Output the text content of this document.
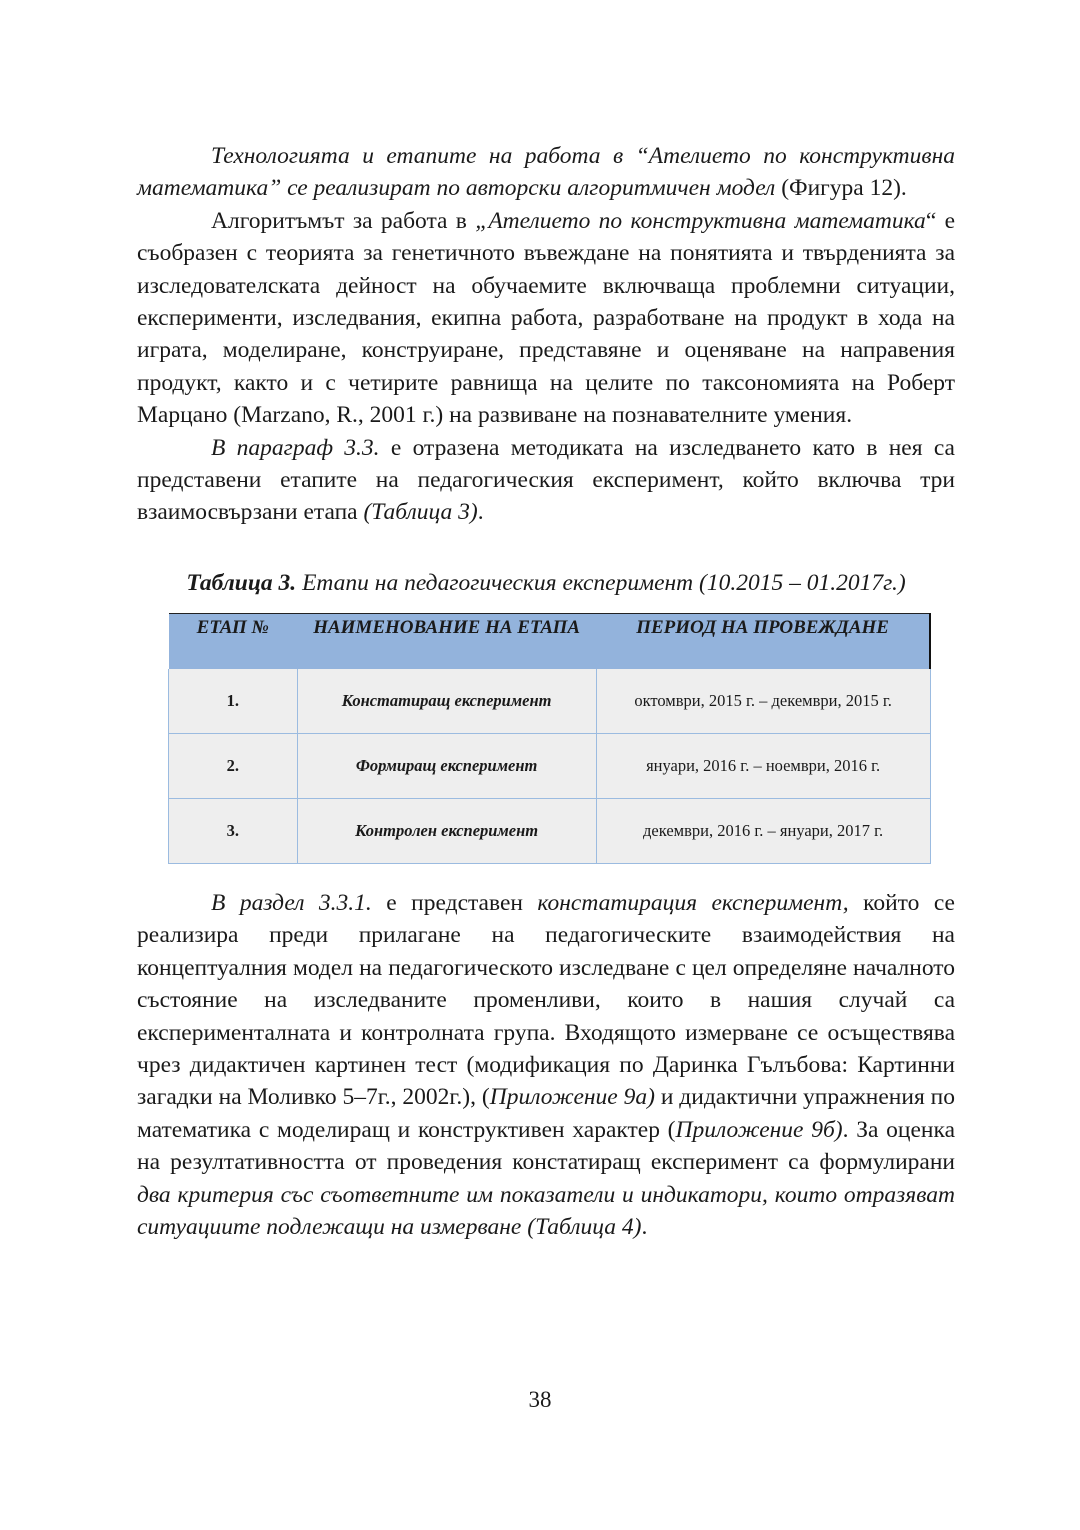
Технологията и етапите на работа в “Ателието по конструктивна математика” се реализират по авторски алгоритмичен модел (Фигура 12).

Алгоритъмът за работа в „Ателието по конструктивна математика“ е съобразен с теорията за генетичното въвеждане на понятията и твърденията за изследователската дейност на обучаемите включваща проблемни ситуации, експерименти, изследвания, екипна работа, разработване на продукт в хода на играта, моделиране, конструиране, представяне и оценяване на направения продукт, както и с четирите равнища на целите по таксономията на Роберт Марцано (Marzano, R., 2001 г.) на развиване на познавателните умения.

В параграф 3.3. е отразена методиката на изследването като в нея са представени етапите на педагогическия експеримент, който включва три взаимосвързани етапа (Таблица 3).

Таблица 3. Етапи на педагогическия експеримент (10.2015 – 01.2017г.)
ЕТАП №	НАИМЕНОВАНИЕ НА ЕТАПА	ПЕРИОД НА ПРОВЕЖДАНЕ
1.	Констатиращ експеримент	октомври, 2015 г. – декември, 2015 г.
2.	Формиращ експеримент	януари, 2016 г. – ноември, 2016 г.
3.	Контролен експеримент	декември, 2016 г. – януари, 2017 г.

В раздел 3.3.1. е представен констатирация експеримент, който се реализира преди прилагане на педагогическите взаимодействия на концептуалния модел на педагогическото изследване с цел определяне началното състояние на изследваните променливи, които в нашия случай са експерименталната и контролната група. Входящото измерване се осъществява чрез дидактичен картинен тест (модификация по Даринка Гълъбова: Картинни загадки на Моливко 5–7г., 2002г.), (Приложение 9а) и дидактични упражнения по математика с моделиращ и конструктивен характер (Приложение 9б). За оценка на резултативността от проведения констатиращ експеримент са формулирани два критерия със съответните им показатели и индикатори, които отразяват ситуациите подлежащи на измерване (Таблица 4).

38
